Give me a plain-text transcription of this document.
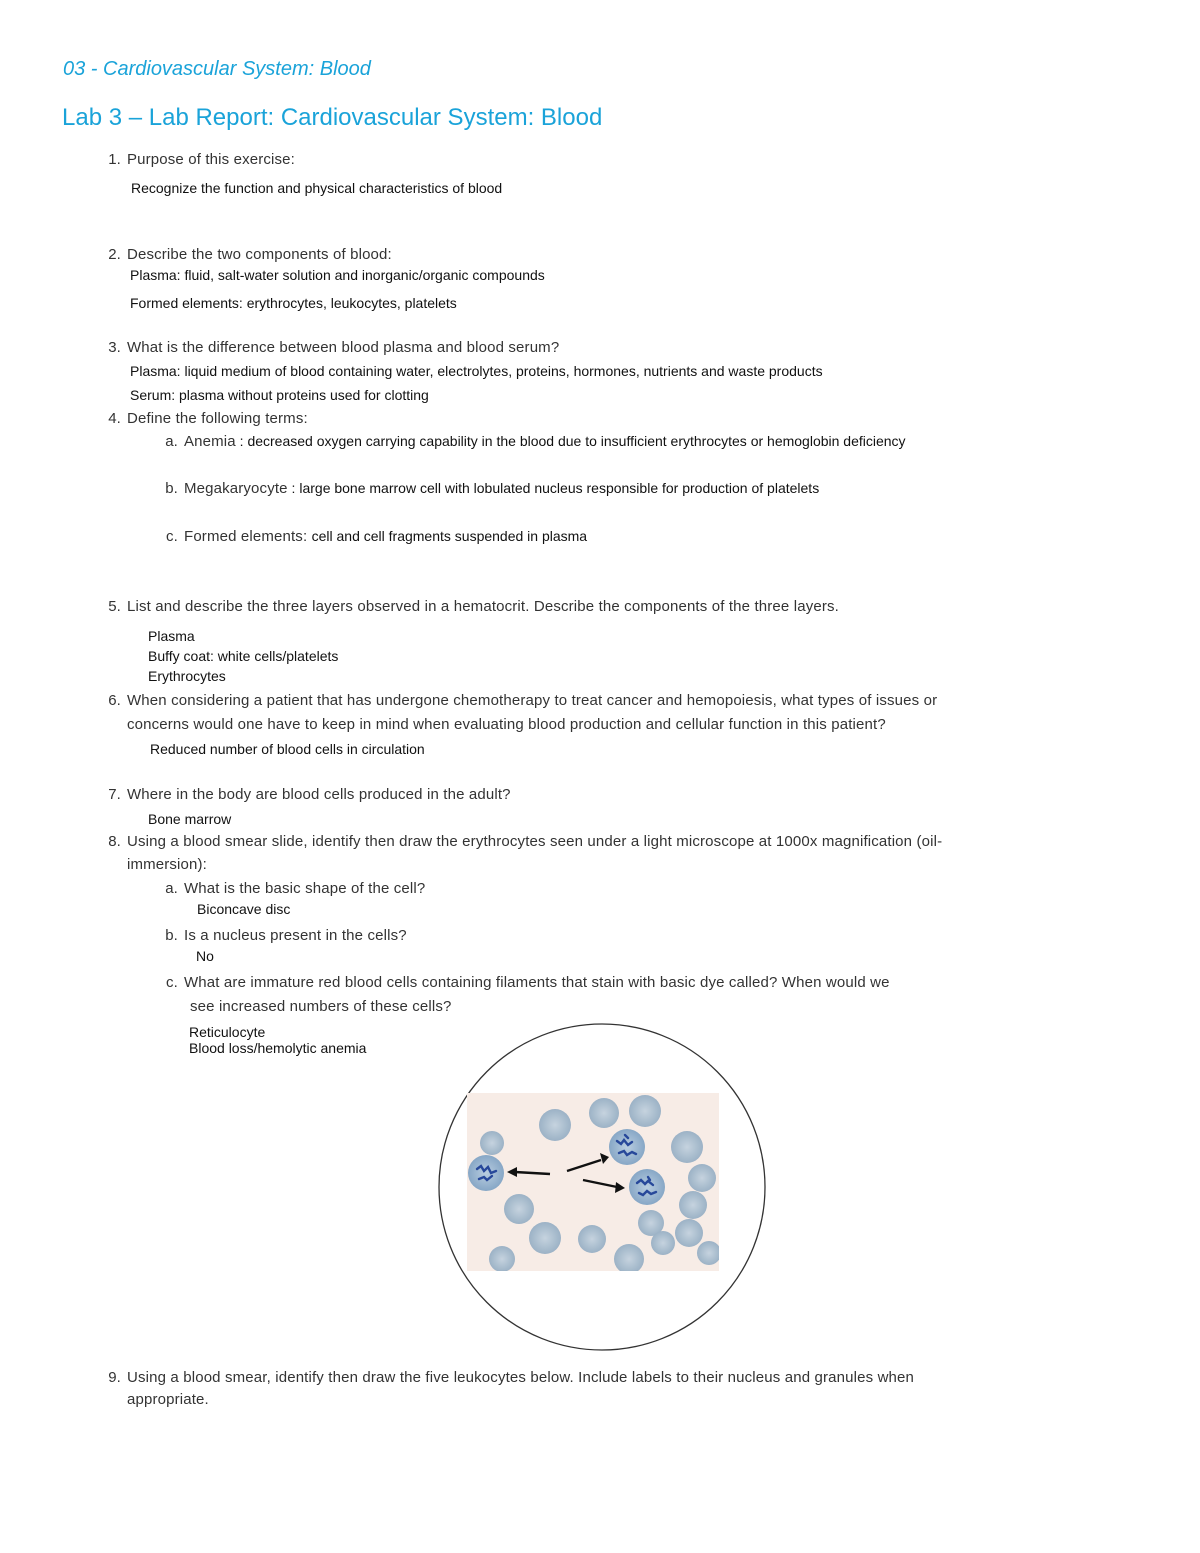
03 - Cardiovascular System: Blood
Lab 3 – Lab Report: Cardiovascular System: Blood
1. Purpose of this exercise:
Recognize the function and physical characteristics of blood
2. Describe the two components of blood:
Plasma: fluid, salt-water solution and inorganic/organic compounds
Formed elements: erythrocytes, leukocytes, platelets
3. What is the difference between blood plasma and blood serum?
Plasma: liquid medium of blood containing water, electrolytes, proteins, hormones, nutrients and waste products
Serum: plasma without proteins used for clotting
4. Define the following terms:
a. Anemia : decreased oxygen carrying capability in the blood due to insufficient erythrocytes or hemoglobin deficiency
b. Megakaryocyte : large bone marrow cell with lobulated nucleus responsible for production of platelets
c. Formed elements: cell and cell fragments suspended in plasma
5. List and describe the three layers observed in a hematocrit. Describe the components of the three layers.
Plasma
Buffy coat: white cells/platelets
Erythrocytes
6. When considering a patient that has undergone chemotherapy to treat cancer and hemopoiesis, what types of issues or
concerns would one have to keep in mind when evaluating blood production and cellular function in this patient?
Reduced number of blood cells in circulation
7. Where in the body are blood cells produced in the adult?
Bone marrow
8. Using a blood smear slide, identify then draw the erythrocytes seen under a light microscope at 1000x magnification (oil-
immersion):
a. What is the basic shape of the cell?
Biconcave disc
b. Is a nucleus present in the cells?
No
c. What are immature red blood cells containing filaments that stain with basic dye called? When would we
see increased numbers of these cells?
Reticulocyte
Blood loss/hemolytic anemia
9. Using a blood smear, identify then draw the five leukocytes below. Include labels to their nucleus and granules when
appropriate.
